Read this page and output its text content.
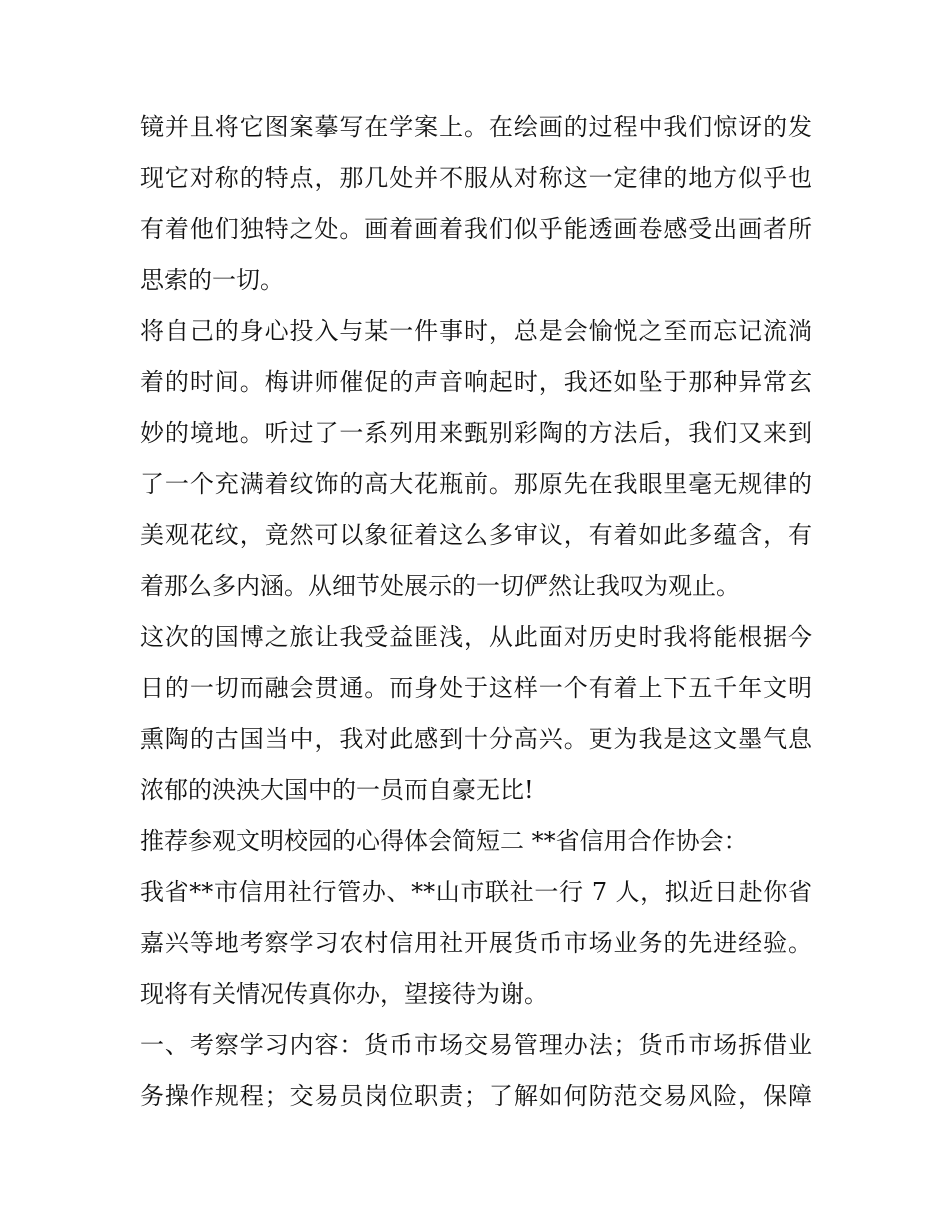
镜并且将它图案摹写在学案上。在绘画的过程中我们惊讶的发
现它对称的特点，那几处并不服从对称这一定律的地方似乎也
有着他们独特之处。画着画着我们似乎能透画卷感受出画者所
思索的一切。
将自己的身心投入与某一件事时，总是会愉悦之至而忘记流淌
着的时间。梅讲师催促的声音响起时，我还如坠于那种异常玄
妙的境地。听过了一系列用来甄别彩陶的方法后，我们又来到
了一个充满着纹饰的高大花瓶前。那原先在我眼里毫无规律的
美观花纹，竟然可以象征着这么多审议，有着如此多蕴含，有
着那么多内涵。从细节处展示的一切俨然让我叹为观止。
这次的国博之旅让我受益匪浅，从此面对历史时我将能根据今
日的一切而融会贯通。而身处于这样一个有着上下五千年文明
熏陶的古国当中，我对此感到十分高兴。更为我是这文墨气息
浓郁的泱泱大国中的一员而自豪无比!
推荐参观文明校园的心得体会简短二 **省信用合作协会：
我省**市信用社行管办、**山市联社一行 7 人，拟近日赴你省
嘉兴等地考察学习农村信用社开展货币市场业务的先进经验。
现将有关情况传真你办，望接待为谢。
一、考察学习内容：货币市场交易管理办法；货币市场拆借业
务操作规程；交易员岗位职责；了解如何防范交易风险，保障
